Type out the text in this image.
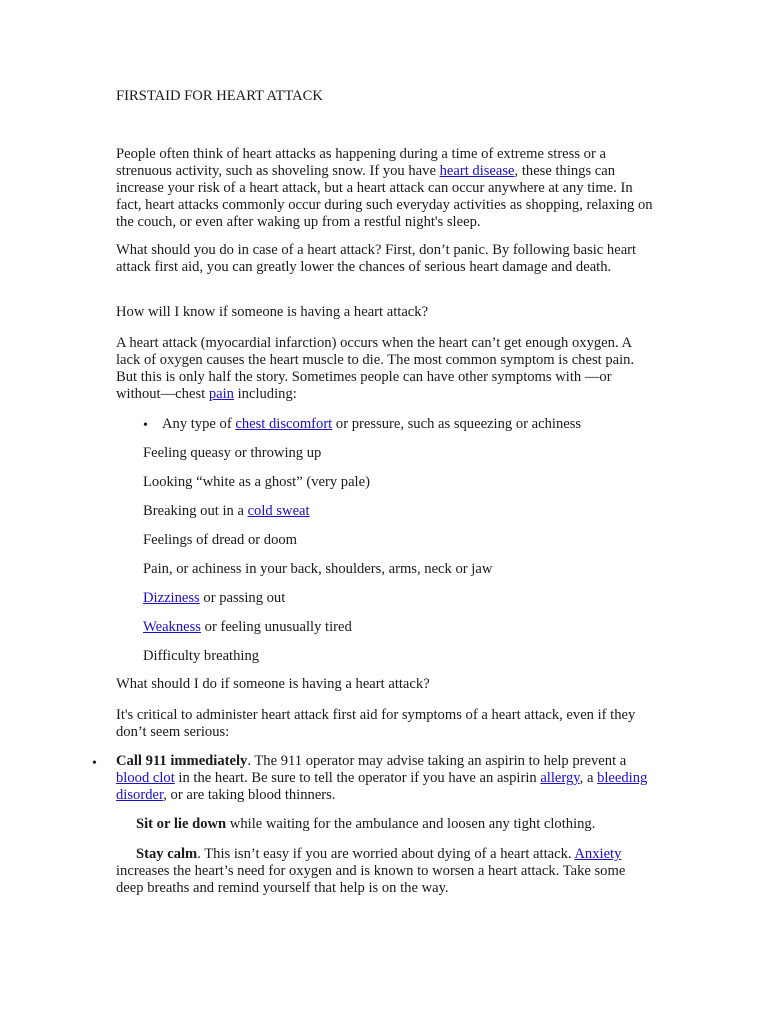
FIRSTAID FOR HEART ATTACK

People often think of heart attacks as happening during a time of extreme stress or a strenuous activity, such as shoveling snow. If you have heart disease, these things can increase your risk of a heart attack, but a heart attack can occur anywhere at any time. In fact, heart attacks commonly occur during such everyday activities as shopping, relaxing on the couch, or even after waking up from a restful night's sleep.

What should you do in case of a heart attack? First, don’t panic. By following basic heart attack first aid, you can greatly lower the chances of serious heart damage and death.

How will I know if someone is having a heart attack?

A heart attack (myocardial infarction) occurs when the heart can’t get enough oxygen. A lack of oxygen causes the heart muscle to die. The most common symptom is chest pain. But this is only half the story. Sometimes people can have other symptoms with —or without—chest pain including:

• Any type of chest discomfort or pressure, such as squeezing or achiness

Feeling queasy or throwing up

Looking “white as a ghost” (very pale)

Breaking out in a cold sweat

Feelings of dread or doom

Pain, or achiness in your back, shoulders, arms, neck or jaw

Dizziness or passing out

Weakness or feeling unusually tired

Difficulty breathing

What should I do if someone is having a heart attack?

It's critical to administer heart attack first aid for symptoms of a heart attack, even if they don’t seem serious:

• Call 911 immediately. The 911 operator may advise taking an aspirin to help prevent a blood clot in the heart. Be sure to tell the operator if you have an aspirin allergy, a bleeding disorder, or are taking blood thinners.

Sit or lie down while waiting for the ambulance and loosen any tight clothing.

Stay calm. This isn’t easy if you are worried about dying of a heart attack. Anxiety increases the heart’s need for oxygen and is known to worsen a heart attack. Take some deep breaths and remind yourself that help is on the way.
